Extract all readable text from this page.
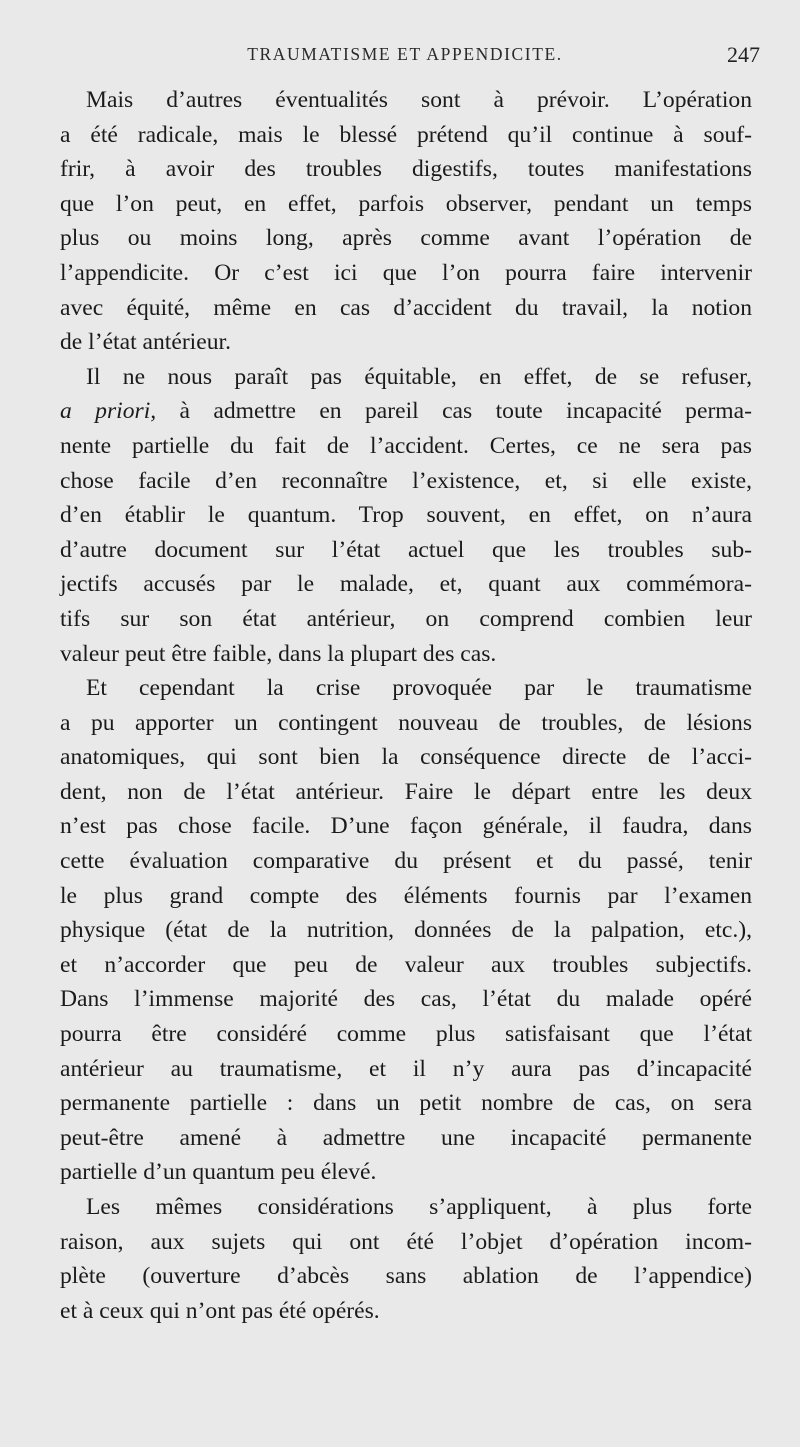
TRAUMATISME ET APPENDICITE.	247

Mais d’autres éventualités sont à prévoir. L’opération
a été radicale, mais le blessé prétend qu’il continue à souf-
frir, à avoir des troubles digestifs, toutes manifestations
que l’on peut, en effet, parfois observer, pendant un temps
plus ou moins long, après comme avant l’opération de
l’appendicite. Or c’est ici que l’on pourra faire intervenir
avec équité, même en cas d’accident du travail, la notion
de l’état antérieur.

Il ne nous paraît pas équitable, en effet, de se refuser,
a priori, à admettre en pareil cas toute incapacité perma-
nente partielle du fait de l’accident. Certes, ce ne sera pas
chose facile d’en reconnaître l’existence, et, si elle existe,
d’en établir le quantum. Trop souvent, en effet, on n’aura
d’autre document sur l’état actuel que les troubles sub-
jectifs accusés par le malade, et, quant aux commémora-
tifs sur son état antérieur, on comprend combien leur
valeur peut être faible, dans la plupart des cas.

Et cependant la crise provoquée par le traumatisme
a pu apporter un contingent nouveau de troubles, de lésions
anatomiques, qui sont bien la conséquence directe de l’acci-
dent, non de l’état antérieur. Faire le départ entre les deux
n’est pas chose facile. D’une façon générale, il faudra, dans
cette évaluation comparative du présent et du passé, tenir
le plus grand compte des éléments fournis par l’examen
physique (état de la nutrition, données de la palpation, etc.),
et n’accorder que peu de valeur aux troubles subjectifs.
Dans l’immense majorité des cas, l’état du malade opéré
pourra être considéré comme plus satisfaisant que l’état
antérieur au traumatisme, et il n’y aura pas d’incapacité
permanente partielle : dans un petit nombre de cas, on sera
peut-être amené à admettre une incapacité permanente
partielle d’un quantum peu élevé.

Les mêmes considérations s’appliquent, à plus forte
raison, aux sujets qui ont été l’objet d’opération incom-
plète (ouverture d’abcès sans ablation de l’appendice)
et à ceux qui n’ont pas été opérés.
